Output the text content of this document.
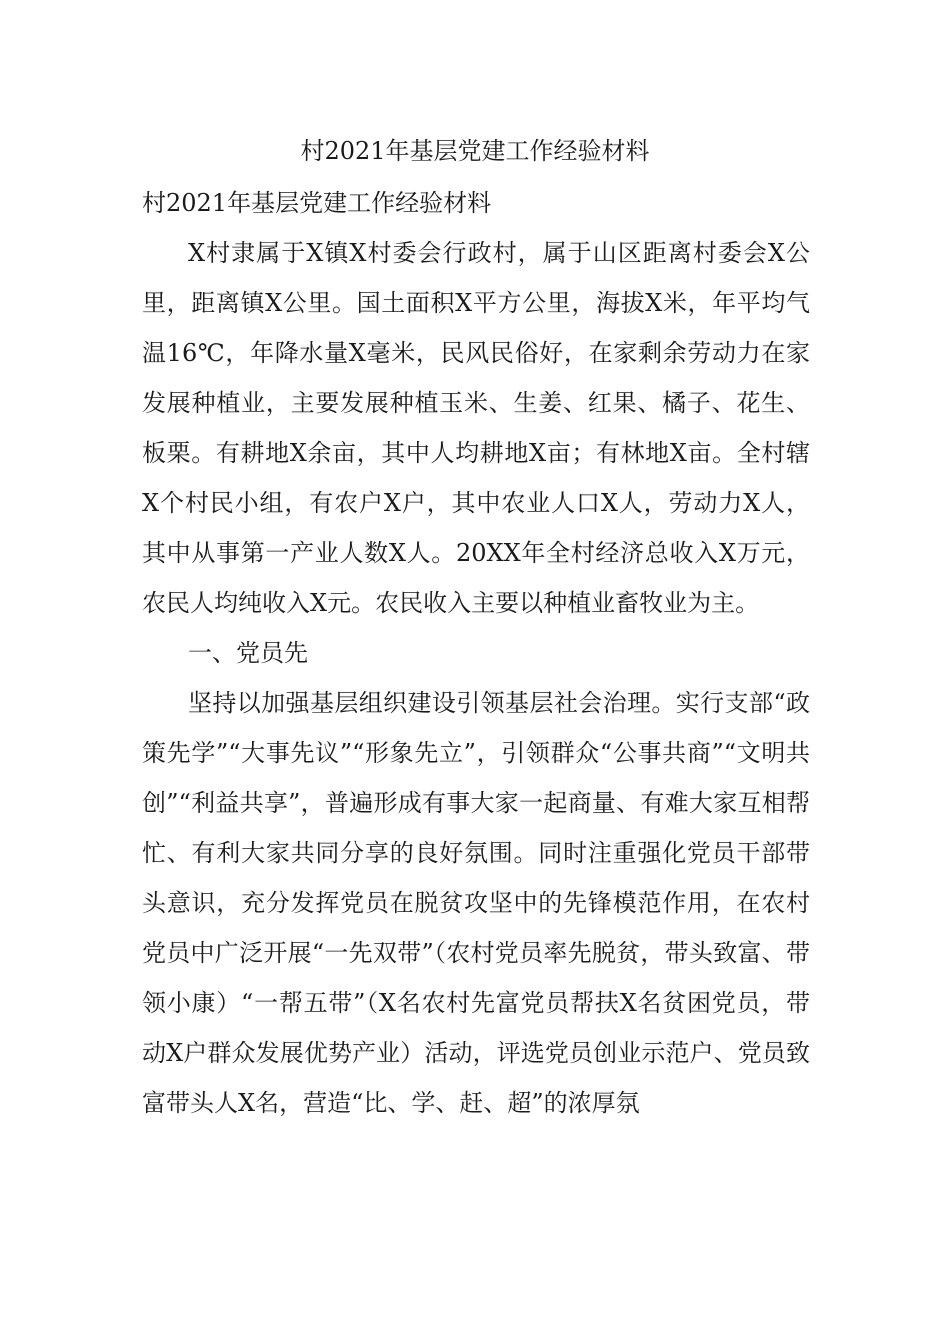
村2021年基层党建工作经验材料

村2021年基层党建工作经验材料

X村隶属于X镇X村委会行政村，属于山区距离村委会X公里，距离镇X公里。国土面积X平方公里，海拔X米，年平均气温16℃，年降水量X毫米，民风民俗好，在家剩余劳动力在家发展种植业，主要发展种植玉米、生姜、红果、橘子、花生、板栗。有耕地X余亩，其中人均耕地X亩；有林地X亩。全村辖X个村民小组，有农户X户，其中农业人口X人，劳动力X人，其中从事第一产业人数X人。20XX年全村经济总收入X万元，农民人均纯收入X元。农民收入主要以种植业畜牧业为主。

一、党员先

坚持以加强基层组织建设引领基层社会治理。实行支部“政策先学”“大事先议”“形象先立”，引领群众“公事共商”“文明共创”“利益共享”，普遍形成有事大家一起商量、有难大家互相帮忙、有利大家共同分享的良好氛围。同时注重强化党员干部带头意识，充分发挥党员在脱贫攻坚中的先锋模范作用，在农村党员中广泛开展“一先双带”（农村党员率先脱贫，带头致富、带领小康）“一帮五带”（X名农村先富党员帮扶X名贫困党员，带动X户群众发展优势产业）活动，评选党员创业示范户、党员致富带头人X名，营造“比、学、赶、超”的浓厚氛
